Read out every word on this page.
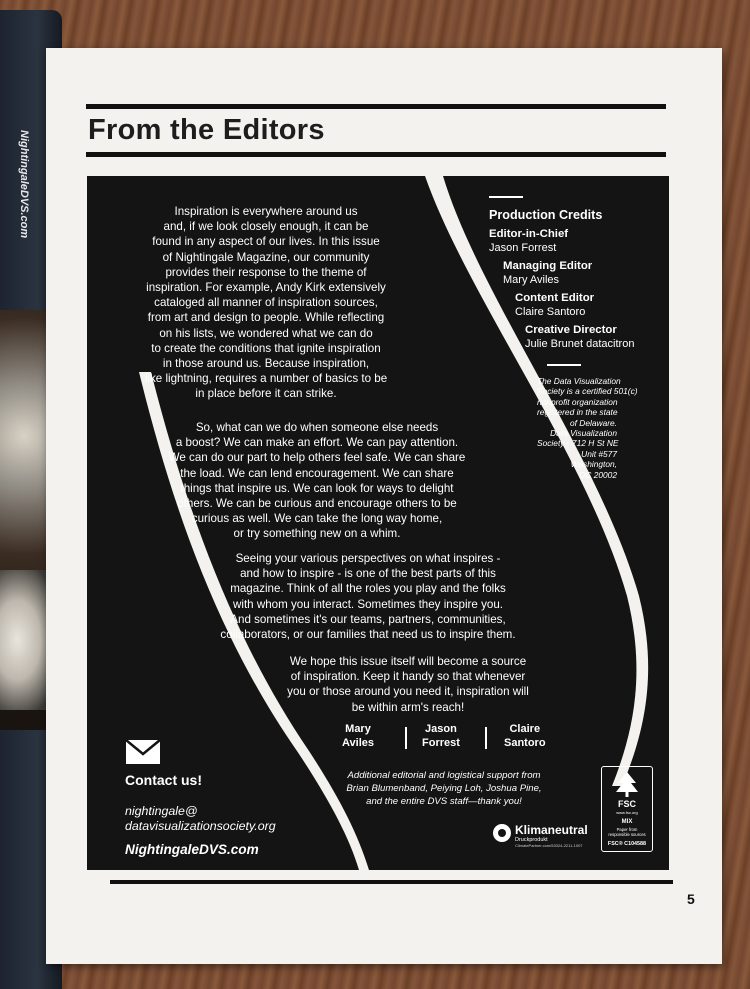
NightingaleDVS.com From the Editors
Inspiration is everywhere around us
and, if we look closely enough, it can be
found in any aspect of our lives. In this issue
of Nightingale Magazine, our community
provides their response to the theme of
inspiration. For example, Andy Kirk extensively
cataloged all manner of inspiration sources,
from art and design to people. While reflecting
on his lists, we wondered what we can do
to create the conditions that ignite inspiration
in those around us. Because inspiration,
like lightning, requires a number of basics to be
in place before it can strike.
So, what can we do when someone else needs
a boost? We can make an effort. We can pay attention.
We can do our part to help others feel safe. We can share
the load. We can lend encouragement. We can share
things that inspire us. We can look for ways to delight
others. We can be curious and encourage others to be
curious as well. We can take the long way home,
or try something new on a whim.
Seeing your various perspectives on what inspires -
and how to inspire - is one of the best parts of this
magazine. Think of all the roles you play and the folks
with whom you interact. Sometimes they inspire you.
And sometimes it's our teams, partners, communities,
collaborators, or our families that need us to inspire them.
We hope this issue itself will become a source
of inspiration. Keep it handy so that whenever
you or those around you need it, inspiration will
be within arm's reach!
Production Credits
Editor-in-Chief
Jason Forrest
Managing Editor
Mary Aviles
Content Editor
Claire Santoro
Creative Director
Julie Brunet datacitron
The Data Visualization
Society is a certified 501(c)
nonprofit organization
registered in the state
of Delaware.
Data Visualization
Society - 712 H St NE
Unit #577
Washington,
DC 20002
Mary
Aviles
Jason
Forrest
Claire
Santoro
Additional editorial and logistical support from
Brian Blumenband, Peiying Loh, Joshua Pine,
and the entire DVS staff—thank you!
Contact us!
nightingale@
datavisualizationsociety.org
NightingaleDVS.com
Klimaneutral
Druckprodukt
ClimatePartner.com/53324-2211-1007
FSC
www.fsc.org
MIX
Paper from
responsible sources
FSC® C104588
5
